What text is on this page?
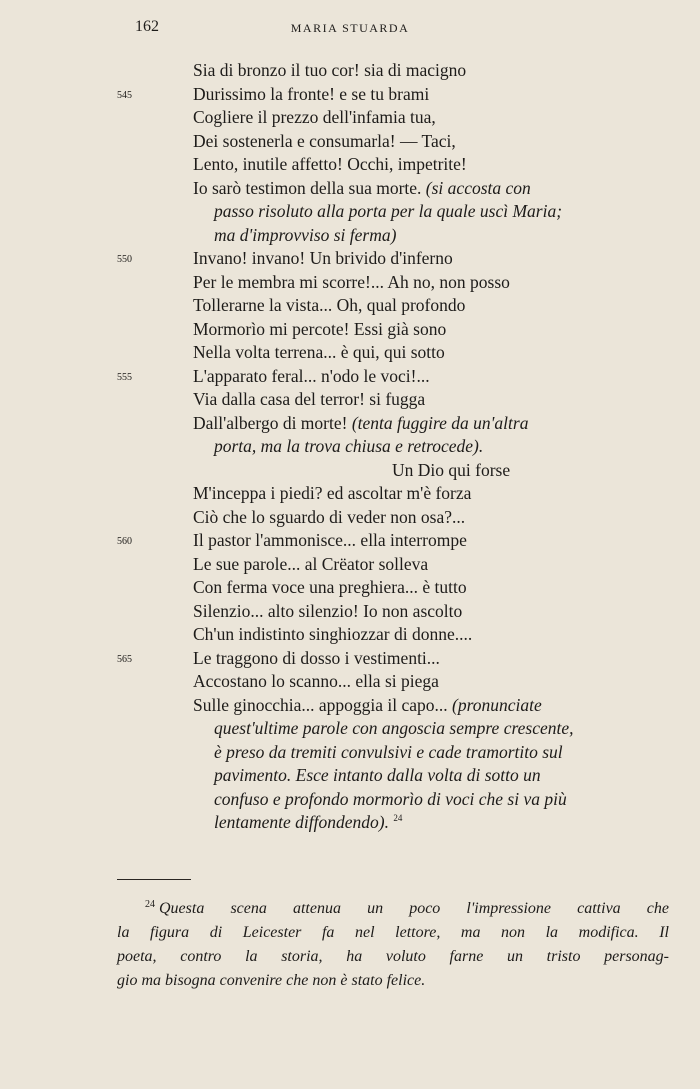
162	MARIA STUARDA
Sia di bronzo il tuo cor! sia di macigno
545	Durissimo la fronte! e se tu brami
Cogliere il prezzo dell'infamia tua,
Dei sostenerla e consumarla! — Taci,
Lento, inutile affetto! Occhi, impetrite!
Io sarò testimon della sua morte. (si accosta con
passo risoluto alla porta per la quale uscì Maria;
ma d'improvviso si ferma)
550	Invano! invano! Un brivido d'inferno
Per le membra mi scorre!... Ah no, non posso
Tollerarne la vista... Oh, qual profondo
Mormorìo mi percote! Essi già sono
Nella volta terrena... è qui, qui sotto
555	L'apparato feral... n'odo le voci!...
Via dalla casa del terror! si fugga
Dall'albergo di morte! (tenta fuggire da un'altra
porta, ma la trova chiusa e retrocede).
Un Dio qui forse
M'inceppa i piedi? ed ascoltar m'è forza
Ciò che lo sguardo di veder non osa?...
560	Il pastor l'ammonisce... ella interrompe
Le sue parole... al Crëator solleva
Con ferma voce una preghiera... è tutto
Silenzio... alto silenzio! Io non ascolto
Ch'un indistinto singhiozzar di donne....
565	Le traggono di dosso i vestimenti...
Accostano lo scanno... ella si piega
Sulle ginocchia... appoggia il capo... (pronunciate
quest'ultime parole con angoscia sempre crescente,
è preso da tremiti convulsivi e cade tramortito sul
pavimento. Esce intanto dalla volta di sotto un
confuso e profondo mormorìo di voci che si va più
lentamente diffondendo). $^{24}$
$^{24}$ Questa scena attenua un poco l'impressione cattiva che
la figura di Leicester fa nel lettore, ma non la modifica. Il
poeta, contro la storia, ha voluto farne un tristo personag-
gio ma bisogna convenire che non è stato felice.
